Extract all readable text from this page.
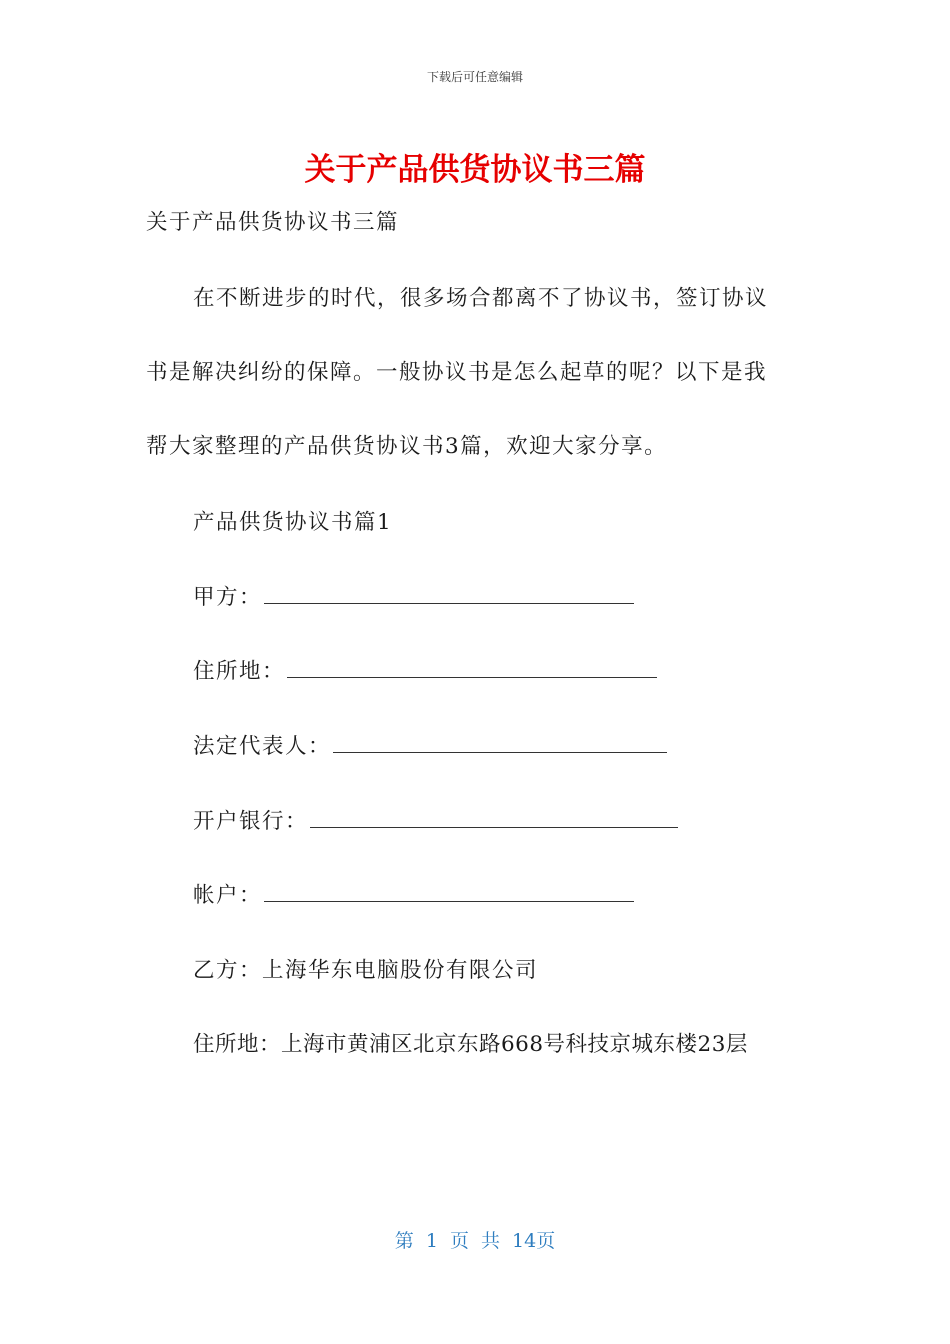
下载后可任意编辑
关于产品供货协议书三篇
关于产品供货协议书三篇
在不断进步的时代，很多场合都离不了协议书，签订协议
书是解决纠纷的保障。一般协议书是怎么起草的呢？以下是我
帮大家整理的产品供货协议书3篇，欢迎大家分享。
产品供货协议书篇1
甲方：
住所地：
法定代表人：
开户银行：
帐户：
乙方：上海华东电脑股份有限公司
住所地：上海市黄浦区北京东路668号科技京城东楼23层
第 1 页 共 14页
